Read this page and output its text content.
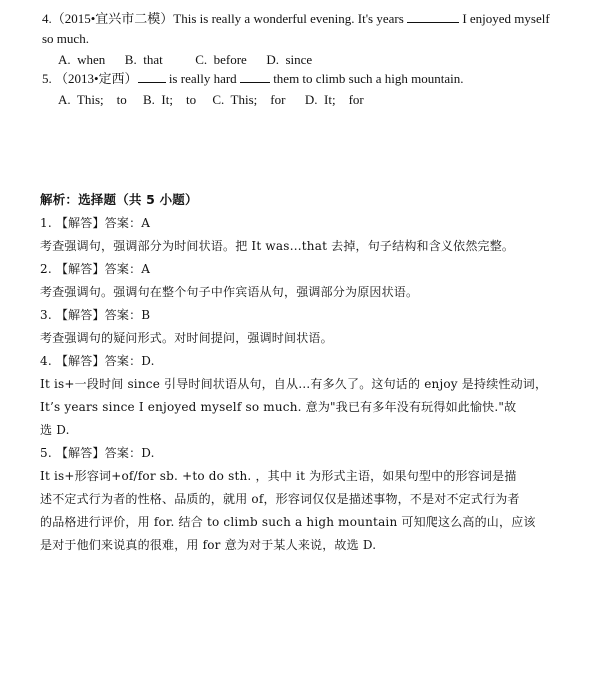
4.（2015•宜兴市二模）This is really a wonderful evening. It's years	I enjoyed myself
so much.
A.  when      B.  that          C.  before      D.  since
5. （2013•定西） is really hard  them to climb such a high mountain.
A.  This;    to     B.  It;    to     C.  This;    for      D.  It;    for
解析：选择题（共 5 小题）
1. 【解答】答案：A
考查强调句，强调部分为时间状语。把 It was…that 去掉，句子结构和含义依然完整。
2. 【解答】答案：A
考查强调句。强调句在整个句子中作宾语从句，强调部分为原因状语。
3. 【解答】答案：B
考查强调句的疑问形式。对时间提问，强调时间状语。
4. 【解答】答案：D.
It is+一段时间 since 引导时间状语从句，自从…有多久了。这句话的 enjoy 是持续性动词，
It’s years since I enjoyed myself so much. 意为"我已有多年没有玩得如此愉快."故
选 D.
5. 【解答】答案：D.
It is+形容词+of/for sb. +to do sth. ，其中 it 为形式主语，如果句型中的形容词是描
述不定式行为者的性格、品质的，就用 of，形容词仅仅是描述事物，不是对不定式行为者
的品格进行评价，用 for. 结合 to climb such a high mountain 可知爬这么高的山，应该
是对于他们来说真的很难，用 for 意为对于某人来说，故选 D.
